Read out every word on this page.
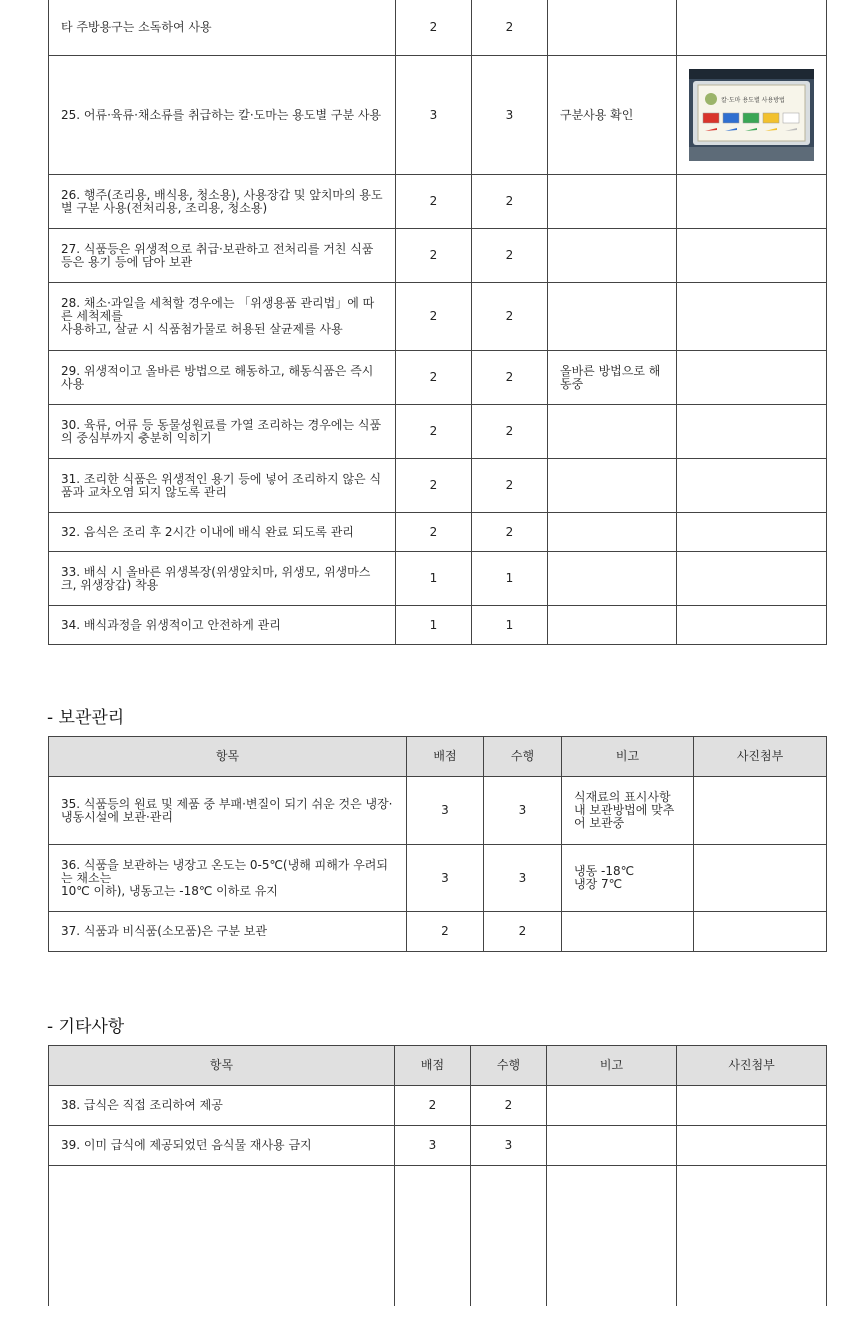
타 주방용구는 소독하여 사용	2	2		
25. 어류·육류·채소류를 취급하는 칼·도마는 용도별 구분 사용	3	3	구분사용 확인	칼·도마 용도별 사용방법

26. 행주(조리용, 배식용, 청소용), 사용장갑 및 앞치마의 용도별 구분 사용(전처리용, 조리용, 청소용)	2	2		
27. 식품등은 위생적으로 취급·보관하고 전처리를 거친 식품등은 용기 등에 담아 보관	2	2		
28. 채소·과일을 세척할 경우에는 「위생용품 관리법」에 따른 세척제를
사용하고, 살균 시 식품첨가물로 허용된 살균제를 사용	2	2		
29. 위생적이고 올바른 방법으로 해동하고, 해동식품은 즉시 사용	2	2	올바른 방법으로 해동중	
30. 육류, 어류 등 동물성원료를 가열 조리하는 경우에는 식품의 중심부까지 충분히 익히기	2	2		
31. 조리한 식품은 위생적인 용기 등에 넣어 조리하지 않은 식품과 교차오염 되지 않도록 관리	2	2		
32. 음식은 조리 후 2시간 이내에 배식 완료 되도록 관리	2	2		
33. 배식 시 올바른 위생복장(위생앞치마, 위생모, 위생마스크, 위생장갑) 착용	1	1		
34. 배식과정을 위생적이고 안전하게 관리	1	1		
- 보관관리
항목	배점	수행	비고	사진첨부
35. 식품등의 원료 및 제품 중 부패·변질이 되기 쉬운 것은 냉장·냉동시설에 보관·관리	3	3	식재료의 표시사항 내 보관방법에 맞추어 보관중	
36. 식품을 보관하는 냉장고 온도는 0-5℃(냉해 피해가 우려되는 채소는
10℃ 이하), 냉동고는 -18℃ 이하로 유지	3	3	냉동 -18℃
냉장 7℃	
37. 식품과 비식품(소모품)은 구분 보관	2	2		
- 기타사항
항목	배점	수행	비고	사진첨부
38. 급식은 직접 조리하여 제공	2	2		
39. 이미 급식에 제공되었던 음식물 재사용 금지	3	3		
